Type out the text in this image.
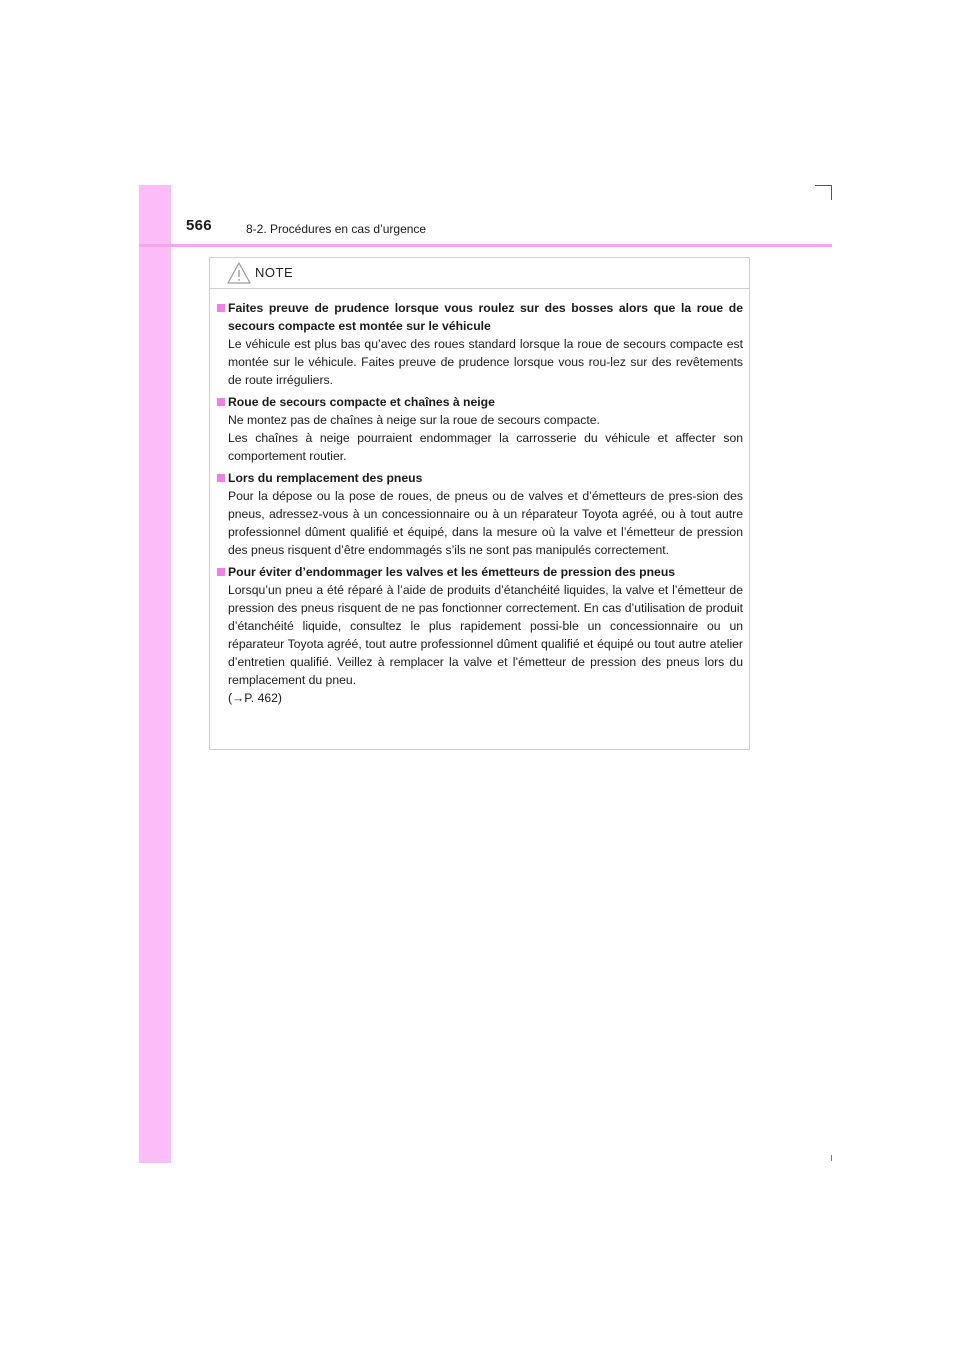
566	8-2. Procédures en cas d’urgence
NOTE
Faites preuve de prudence lorsque vous roulez sur des bosses alors que la roue de secours compacte est montée sur le véhicule

Le véhicule est plus bas qu’avec des roues standard lorsque la roue de secours compacte est montée sur le véhicule. Faites preuve de prudence lorsque vous rou-lez sur des revêtements de route irréguliers.

Roue de secours compacte et chaînes à neige

Ne montez pas de chaînes à neige sur la roue de secours compacte.

Les chaînes à neige pourraient endommager la carrosserie du véhicule et affecter son comportement routier.

Lors du remplacement des pneus

Pour la dépose ou la pose de roues, de pneus ou de valves et d’émetteurs de pres-sion des pneus, adressez-vous à un concessionnaire ou à un réparateur Toyota agréé, ou à tout autre professionnel dûment qualifié et équipé, dans la mesure où la valve et l’émetteur de pression des pneus risquent d’être endommagés s’ils ne sont pas manipulés correctement.

Pour éviter d’endommager les valves et les émetteurs de pression des pneus

Lorsqu’un pneu a été réparé à l’aide de produits d’étanchéité liquides, la valve et l’émetteur de pression des pneus risquent de ne pas fonctionner correctement. En cas d’utilisation de produit d’étanchéité liquide, consultez le plus rapidement possi-ble un concessionnaire ou un réparateur Toyota agréé, tout autre professionnel dûment qualifié et équipé ou tout autre atelier d’entretien qualifié. Veillez à remplacer la valve et l’émetteur de pression des pneus lors du remplacement du pneu.

(→P. 462)
